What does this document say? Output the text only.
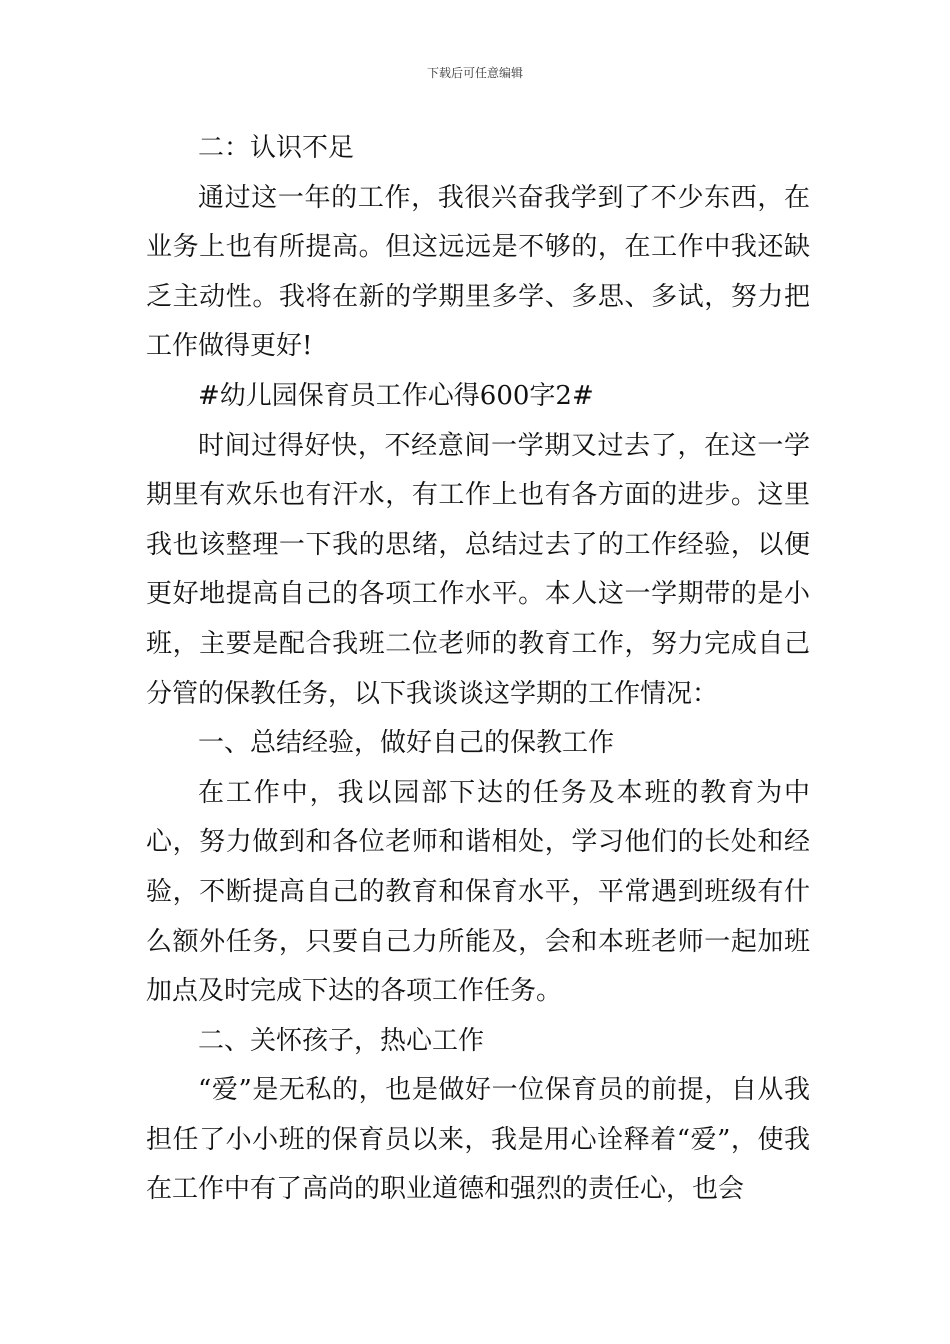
下载后可任意编辑

二：认识不足

通过这一年的工作，我很兴奋我学到了不少东西，在业务上也有所提高。但这远远是不够的，在工作中我还缺乏主动性。我将在新的学期里多学、多思、多试，努力把工作做得更好!

#幼儿园保育员工作心得600字2#

时间过得好快，不经意间一学期又过去了，在这一学期里有欢乐也有汗水，有工作上也有各方面的进步。这里我也该整理一下我的思绪，总结过去了的工作经验，以便更好地提高自己的各项工作水平。本人这一学期带的是小班，主要是配合我班二位老师的教育工作，努力完成自己分管的保教任务，以下我谈谈这学期的工作情况：

一、总结经验，做好自己的保教工作

在工作中，我以园部下达的任务及本班的教育为中心，努力做到和各位老师和谐相处，学习他们的长处和经验，不断提高自己的教育和保育水平，平常遇到班级有什么额外任务，只要自己力所能及，会和本班老师一起加班加点及时完成下达的各项工作任务。

二、关怀孩子，热心工作

“爱”是无私的，也是做好一位保育员的前提，自从我担任了小小班的保育员以来，我是用心诠释着“爱”，使我在工作中有了高尚的职业道德和强烈的责任心，也会
